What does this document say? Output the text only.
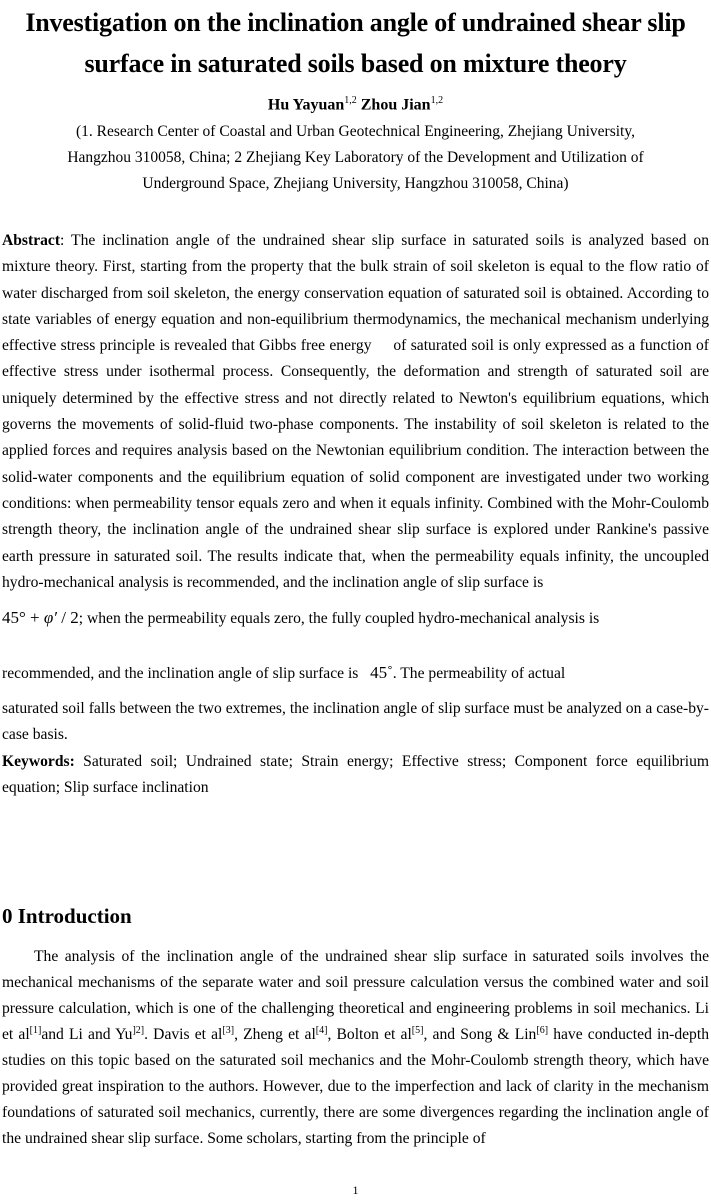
Investigation on the inclination angle of undrained shear slip
surface in saturated soils based on mixture theory
Hu Yayuan$^{1,2}$ Zhou Jian$^{1,2}$
(1. Research Center of Coastal and Urban Geotechnical Engineering, Zhejiang University,
Hangzhou 310058, China; 2 Zhejiang Key Laboratory of the Development and Utilization of
Underground Space, Zhejiang University, Hangzhou 310058, China)

Abstract: The inclination angle of the undrained shear slip surface in saturated soils is analyzed based on mixture theory. First, starting from the property that the bulk strain of soil skeleton is equal to the flow ratio of water discharged from soil skeleton, the energy conservation equation of saturated soil is obtained. According to state variables of energy equation and non-equilibrium thermodynamics, the mechanical mechanism underlying effective stress principle is revealed that Gibbs free energy     of saturated soil is only expressed as a function of effective stress under isothermal process. Consequently, the deformation and strength of saturated soil are uniquely determined by the effective stress and not directly related to Newton's equilibrium equations, which governs the movements of solid-fluid two-phase components. The instability of soil skeleton is related to the applied forces and requires analysis based on the Newtonian equilibrium condition. The interaction between the solid-water components and the equilibrium equation of solid component are investigated under two working conditions: when permeability tensor equals zero and when it equals infinity. Combined with the Mohr-Coulomb strength theory, the inclination angle of the undrained shear slip surface is explored under Rankine's passive earth pressure in saturated soil. The results indicate that, when the permeability equals infinity, the uncoupled hydro-mechanical analysis is recommended, and the inclination angle of slip surface is
45° + φ′ / 2; when the permeability equals zero, the fully coupled hydro-mechanical analysis is
recommended, and the inclination angle of slip surface is 45˚. The permeability of actual
saturated soil falls between the two extremes, the inclination angle of slip surface must be analyzed on a case-by-case basis.

Keywords: Saturated soil; Undrained state; Strain energy; Effective stress; Component force equilibrium equation; Slip surface inclination

0 Introduction

The analysis of the inclination angle of the undrained shear slip surface in saturated soils involves the mechanical mechanisms of the separate water and soil pressure calculation versus the combined water and soil pressure calculation, which is one of the challenging theoretical and engineering problems in soil mechanics. Li et al[1]and Li and $Yu^{]2]}$. Davis et al[3], Zheng et al[4], Bolton et al[5], and Song & Lin[6] have conducted in-depth studies on this topic based on the saturated soil mechanics and the Mohr-Coulomb strength theory, which have provided great inspiration to the authors. However, due to the imperfection and lack of clarity in the mechanism foundations of saturated soil mechanics, currently, there are some divergences regarding the inclination angle of the undrained shear slip surface. Some scholars, starting from the principle of

1
